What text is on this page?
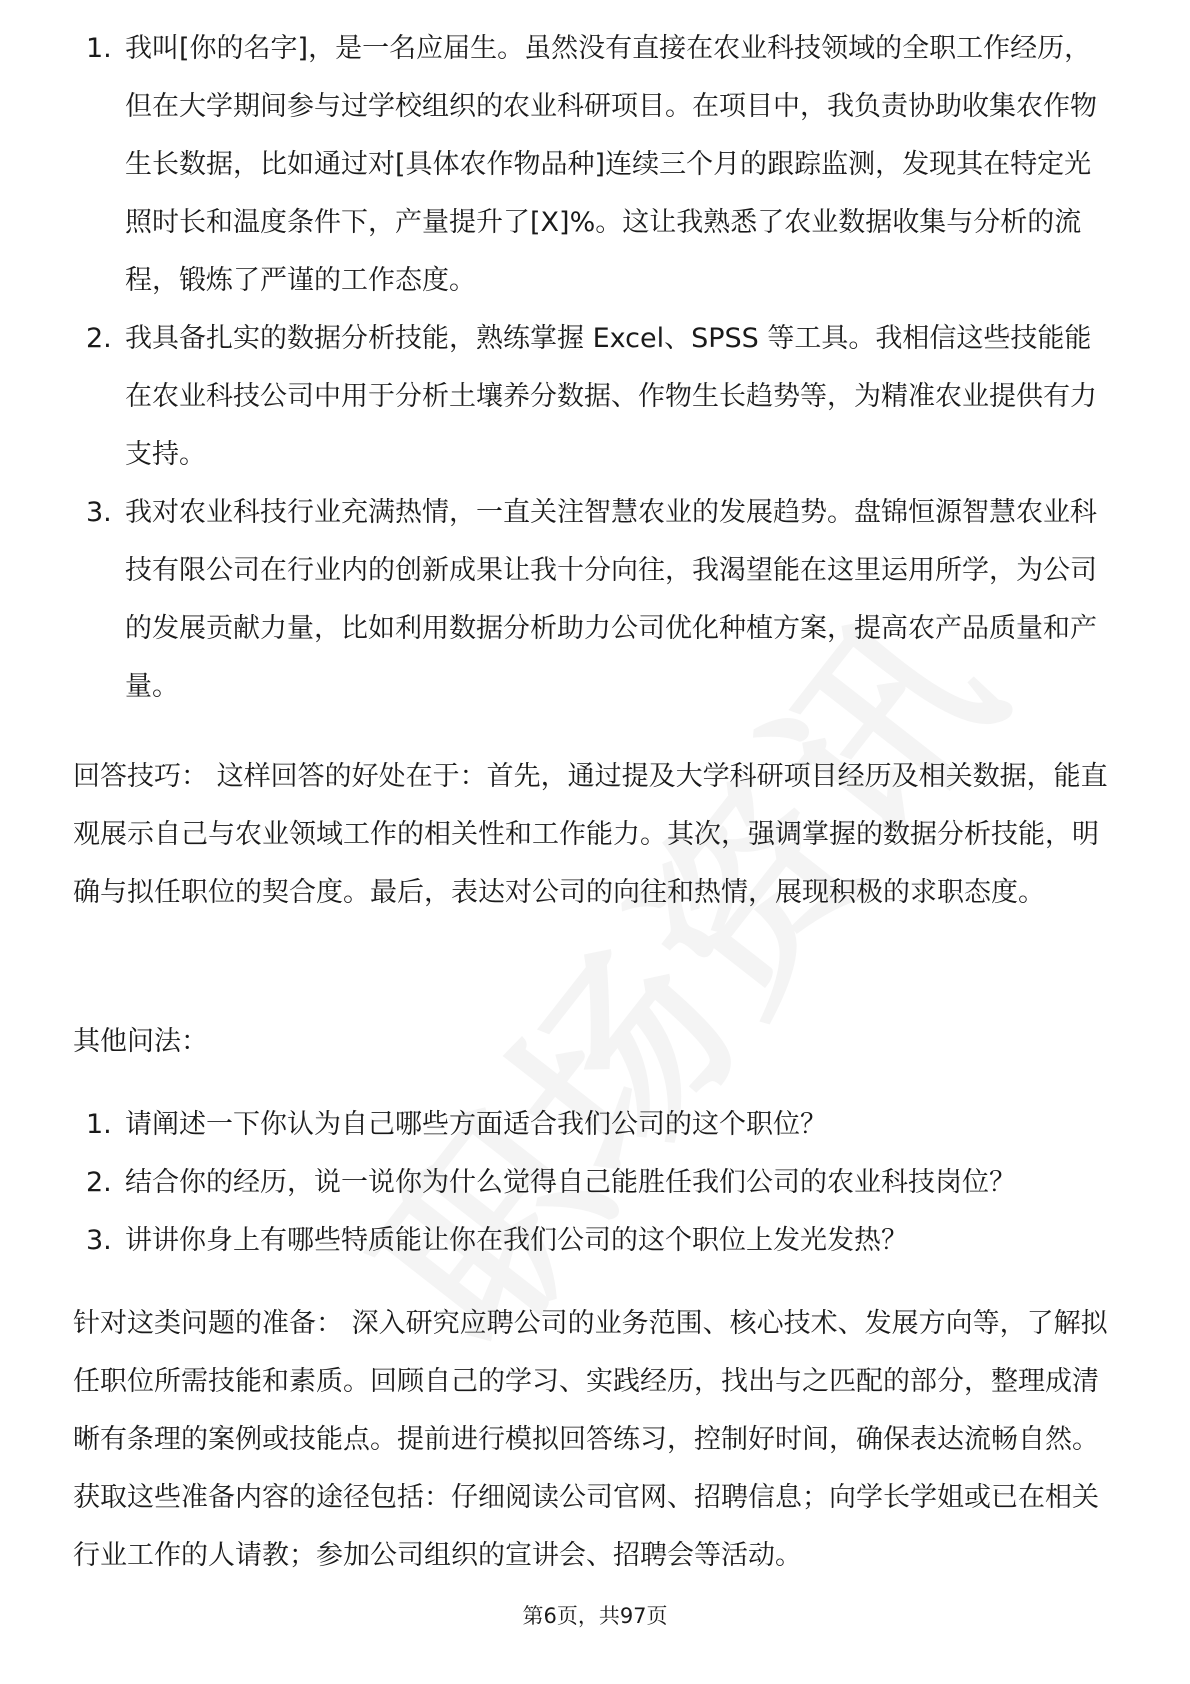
1. 我叫[你的名字]，是一名应届生。虽然没有直接在农业科技领域的全职工作经历，但在大学期间参与过学校组织的农业科研项目。在项目中，我负责协助收集农作物生长数据，比如通过对[具体农作物品种]连续三个月的跟踪监测，发现其在特定光照时长和温度条件下，产量提升了[X]%。这让我熟悉了农业数据收集与分析的流程，锻炼了严谨的工作态度。
2. 我具备扎实的数据分析技能，熟练掌握 Excel、SPSS 等工具。我相信这些技能能在农业科技公司中用于分析土壤养分数据、作物生长趋势等，为精准农业提供有力支持。
3. 我对农业科技行业充满热情，一直关注智慧农业的发展趋势。盘锦恒源智慧农业科技有限公司在行业内的创新成果让我十分向往，我渴望能在这里运用所学，为公司的发展贡献力量，比如利用数据分析助力公司优化种植方案，提高农产品质量和产量。

回答技巧： 这样回答的好处在于：首先，通过提及大学科研项目经历及相关数据，能直观展示自己与农业领域工作的相关性和工作能力。其次，强调掌握的数据分析技能，明确与拟任职位的契合度。最后，表达对公司的向往和热情，展现积极的求职态度。

其他问法：

1. 请阐述一下你认为自己哪些方面适合我们公司的这个职位？
2. 结合你的经历，说一说你为什么觉得自己能胜任我们公司的农业科技岗位？
3. 讲讲你身上有哪些特质能让你在我们公司的这个职位上发光发热？

针对这类问题的准备： 深入研究应聘公司的业务范围、核心技术、发展方向等，了解拟任职位所需技能和素质。回顾自己的学习、实践经历，找出与之匹配的部分，整理成清晰有条理的案例或技能点。提前进行模拟回答练习，控制好时间，确保表达流畅自然。获取这些准备内容的途径包括：仔细阅读公司官网、招聘信息；向学长学姐或已在相关行业工作的人请教；参加公司组织的宣讲会、招聘会等活动。

第6页，共97页
